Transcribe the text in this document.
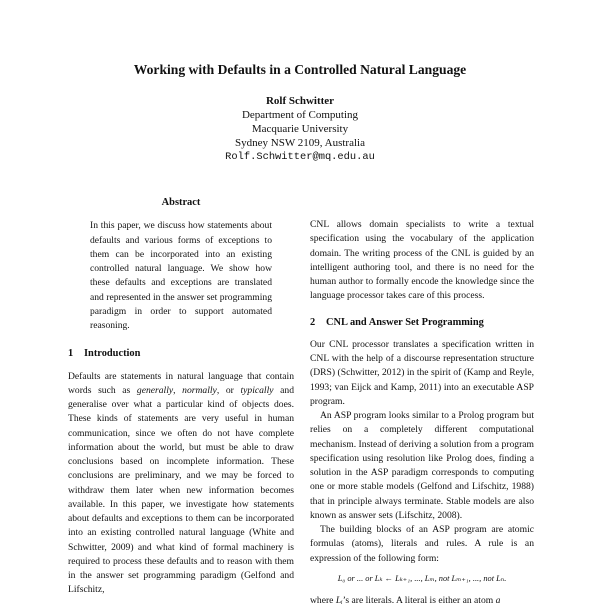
Working with Defaults in a Controlled Natural Language
Rolf Schwitter
Department of Computing
Macquarie University
Sydney NSW 2109, Australia
Rolf.Schwitter@mq.edu.au
Abstract

In this paper, we discuss how statements about defaults and various forms of exceptions to them can be incorporated into an existing controlled natural language. We show how these defaults and exceptions are translated and represented in the answer set programming paradigm in order to support automated reasoning.

1 Introduction

Defaults are statements in natural language that contain words such as generally, normally, or typically and generalise over what a particular kind of objects does. These kinds of statements are very useful in human communication, since we often do not have complete information about the world, but must be able to draw conclusions based on incomplete information. These conclusions are preliminary, and we may be forced to withdraw them later when new information becomes available. In this paper, we investigate how statements about defaults and exceptions to them can be incorporated into an existing controlled natural language (White and Schwitter, 2009) and what kind of formal machinery is required to process these defaults and to reason with them in the answer set programming paradigm (Gelfond and Lifschitz,

CNL allows domain specialists to write a textual specification using the vocabulary of the application domain. The writing process of the CNL is guided by an intelligent authoring tool, and there is no need for the human author to formally encode the knowledge since the language processor takes care of this process.

2 CNL and Answer Set Programming

Our CNL processor translates a specification written in CNL with the help of a discourse representation structure (DRS) (Schwitter, 2012) in the spirit of (Kamp and Reyle, 1993; van Eijck and Kamp, 2011) into an executable ASP program.

An ASP program looks similar to a Prolog program but relies on a completely different computational mechanism. Instead of deriving a solution from a program specification using resolution like Prolog does, finding a solution in the ASP paradigm corresponds to computing one or more stable models (Gelfond and Lifschitz, 1988) that in principle always terminate. Stable models are also known as answer sets (Lifschitz, 2008).

The building blocks of an ASP program are atomic formulas (atoms), literals and rules. A rule is an expression of the following form:

L₀ or ... or Lₖ ← Lₖ₊₁, ..., Lₘ, not Lₘ₊₁, ..., not Lₙ.

where Lᵢ’s are literals. A literal is either an atom a
